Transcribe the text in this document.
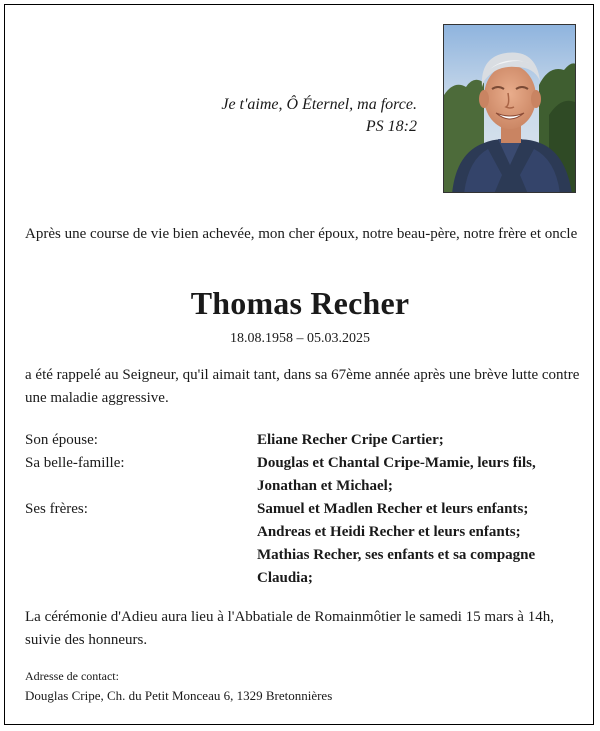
Je t'aime, Ô Éternel, ma force.
PS 18:2
Après une course de vie bien achevée, mon cher époux, notre beau-père, notre frère et oncle
Thomas Recher
18.08.1958 – 05.03.2025
a été rappelé au Seigneur, qu'il aimait tant, dans sa 67ème année après une brève lutte contre une maladie aggressive.
Son épouse:	Eliane Recher Cripe Cartier;
Sa belle-famille:	Douglas et Chantal Cripe-Mamie, leurs fils,
Jonathan et Michael;
Ses frères:	Samuel et Madlen Recher et leurs enfants;
Andreas et Heidi Recher et leurs enfants;
Mathias Recher, ses enfants et sa compagne
Claudia;
La cérémonie d'Adieu aura lieu à l'Abbatiale de Romainmôtier le samedi 15 mars à 14h, suivie des honneurs.
Adresse de contact:
Douglas Cripe, Ch. du Petit Monceau 6, 1329 Bretonnières
